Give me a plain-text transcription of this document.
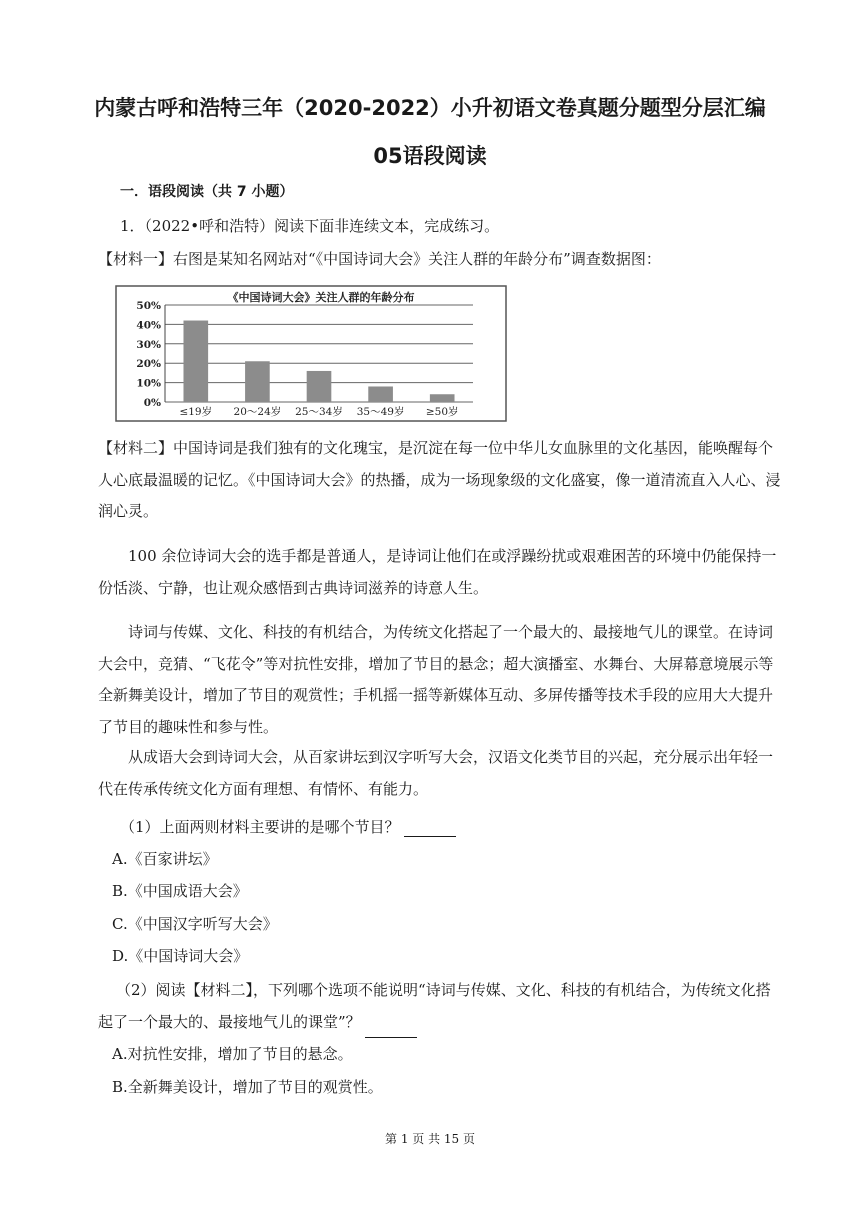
内蒙古呼和浩特三年（2020-2022）小升初语文卷真题分题型分层汇编
05语段阅读
一．语段阅读（共 7 小题）
1．（2022•呼和浩特）阅读下面非连续文本，完成练习。
【材料一】右图是某知名网站对“《中国诗词大会》关注人群的年龄分布”调查数据图：
《中国诗词大会》关注人群的年龄分布
50%
40%
30%
20%
10%
0%
≤19岁 20～24岁 25～34岁 35～49岁 ≥50岁

【材料二】中国诗词是我们独有的文化瑰宝，是沉淀在每一位中华儿女血脉里的文化基因，能唤醒每个人心底最温暖的记忆。《中国诗词大会》的热播，成为一场现象级的文化盛宴，像一道清流直入人心、浸润心灵。

100 余位诗词大会的选手都是普通人，是诗词让他们在或浮躁纷扰或艰难困苦的环境中仍能保持一份恬淡、宁静，也让观众感悟到古典诗词滋养的诗意人生。

诗词与传媒、文化、科技的有机结合，为传统文化搭起了一个最大的、最接地气儿的课堂。在诗词大会中，竞猜、“飞花令”等对抗性安排，增加了节目的悬念；超大演播室、水舞台、大屏幕意境展示等全新舞美设计，增加了节目的观赏性；手机摇一摇等新媒体互动、多屏传播等技术手段的应用大大提升了节目的趣味性和参与性。

从成语大会到诗词大会，从百家讲坛到汉字听写大会，汉语文化类节目的兴起，充分展示出年轻一代在传承传统文化方面有理想、有情怀、有能力。

（1）上面两则材料主要讲的是哪个节目？
A.《百家讲坛》
B.《中国成语大会》
C.《中国汉字听写大会》
D.《中国诗词大会》

（2）阅读【材料二】，下列哪个选项不能说明“诗词与传媒、文化、科技的有机结合，为传统文化搭起了一个最大的、最接地气儿的课堂”？

A.对抗性安排，增加了节目的悬念。
B.全新舞美设计，增加了节目的观赏性。
第 1 页 共 15 页
